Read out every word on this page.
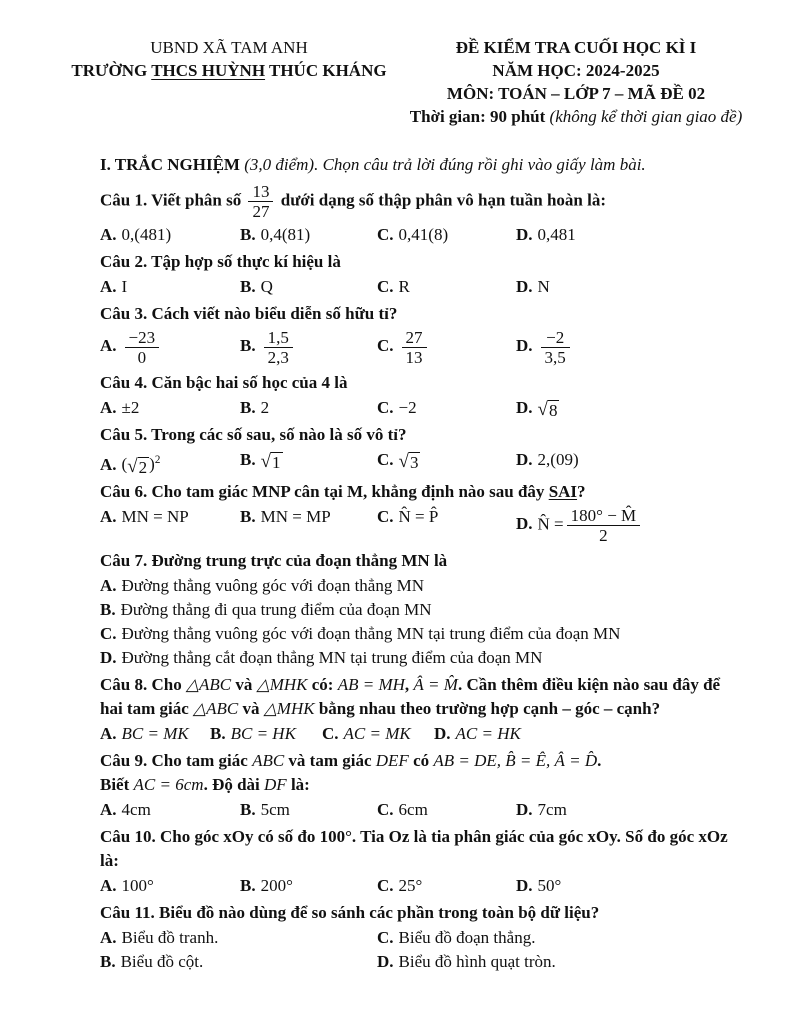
UBND XÃ TAM ANH
TRƯỜNG THCS HUỲNH THÚC KHÁNG
ĐỀ KIỂM TRA CUỐI HỌC KÌ I
NĂM HỌC: 2024-2025
MÔN: TOÁN – LỚP 7 – MÃ ĐỀ 02
Thời gian: 90 phút (không kể thời gian giao đề)
I. TRẮC NGHIỆM (3,0 điểm). Chọn câu trả lời đúng rồi ghi vào giấy làm bài.
Câu 1. Viết phân số $\frac{13}{27}$ dưới dạng số thập phân vô hạn tuần hoàn là:
A. 0,(481)	B. 0,4(81)	C. 0,41(8)	D. 0,481
Câu 2. Tập hợp số thực kí hiệu là
A. I	B. Q	C. R	D. N
Câu 3. Cách viết nào biểu diễn số hữu tỉ?
A. $\frac{-23}{0}$	B. $\frac{1,5}{2,3}$	C. $\frac{27}{13}$	D. $\frac{-2}{3,5}$
Câu 4. Căn bậc hai số học của 4 là
A. ±2	B. 2	C. −2	D. √ 8
Câu 5. Trong các số sau, số nào là số vô tỉ?
A. ( √ 2 )$^2$	B. √ 1	C. √ 3	D. 2,(09)
Câu 6. Cho tam giác MNP cân tại M, khẳng định nào sau đây SAI?
A. MN = NP	B. MN = MP	C. N̂ = P̂	D. N̂ = $\frac{180^\circ - M̂}{2}$
Câu 7. Đường trung trực của đoạn thẳng MN là
A. Đường thẳng vuông góc với đoạn thẳng MN
B. Đường thẳng đi qua trung điểm của đoạn MN
C. Đường thẳng vuông góc với đoạn thẳng MN tại trung điểm của đoạn MN
D. Đường thẳng cắt đoạn thẳng MN tại trung điểm của đoạn MN
Câu 8. Cho △ABC và △MHK có: AB = MH, Â = M̂. Cần thêm điều kiện nào sau đây để hai tam giác △ABC và △MHK bằng nhau theo trường hợp cạnh – góc – cạnh?
A. BC = MK	B. BC = HK	C. AC = MK	D. AC = HK
Câu 9. Cho tam giác ABC và tam giác DEF có AB = DE, B̂ = Ê, Â = D̂.
Biết AC = 6cm. Độ dài DF là:
A. 4cm	B. 5cm	C. 6cm	D. 7cm
Câu 10. Cho góc xOy có số đo 100°. Tia Oz là tia phân giác của góc xOy. Số đo góc xOz là:
A. 100°	B. 200°	C. 25°	D. 50°
Câu 11. Biểu đồ nào dùng để so sánh các phần trong toàn bộ dữ liệu?
A. Biểu đồ tranh.
B. Biểu đồ cột.
C. Biểu đồ đoạn thẳng.
D. Biểu đồ hình quạt tròn.
